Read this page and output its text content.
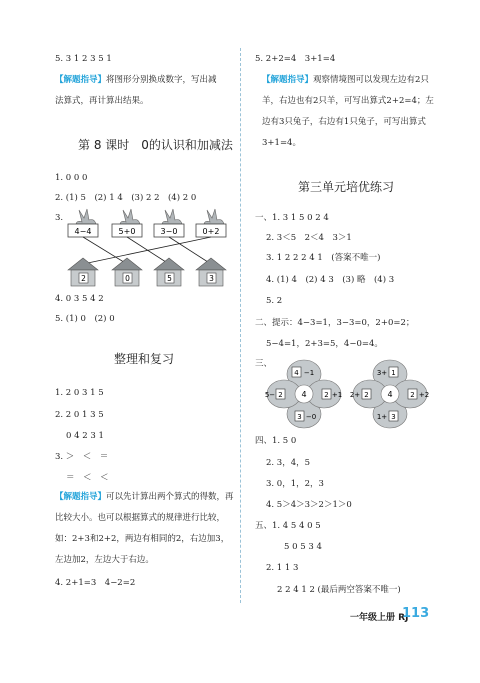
5. 3 1 2 3 5 1
【解题指导】将图形分别换成数字，写出减法算式，再计算出结果。
第 8 课时　0的认识和加减法
1. 0 0 0
2. (1) 5　(2) 1 4　(3) 2 2　(4) 2 0
3.
4−4	5+0	3−0	0+2
2	0	5	3
4. 0 3 5 4 2
5. (1) 0　(2) 0
整理和复习
1. 2 0 3 1 5
2. 2 0 1 3 5
0 4 2 3 1
3. ＞　＜　＝
＝　＜　＜
【解题指导】可以先计算出两个算式的得数，再比较大小。也可以根据算式的规律进行比较，如：2+3和2+2，两边有相同的2，右边加3，左边加2，左边大于右边。
4. 2+1=3　4−2=2
5. 2+2=4　3+1=4
【解题指导】观察情境图可以发现左边有2只羊，右边也有2只羊，可写出算式2+2=4；左边有3只兔子，右边有1只兔子，可写出算式3+1=4。
第三单元培优练习
一、1. 3 1 5 0 2 4
2. 3＜5　2＜4　3＞1
3. 1 2 2 2 4 1　(答案不唯一)
4. (1) 4　(2) 4 3　(3) 略　(4) 3
5. 2
二、提示：4−3=1，3−3=0，2+0=2；
5−4=1，2+3=5，4−0=4。
三、
4
4 −1
5− 2	2 +1
3 −0
4
3+ 1
2+ 2	2 +2
1+ 3
四、1. 5 0
2. 3，4，5
3. 0，1，2，3
4. 5＞4＞3＞2＞1＞0
五、1. 4 5 4 0 5
5 0 5 3 4
2. 1 1 3
2 2 4 1 2 (最后两空答案不唯一)
一年级上册 RJ
113
